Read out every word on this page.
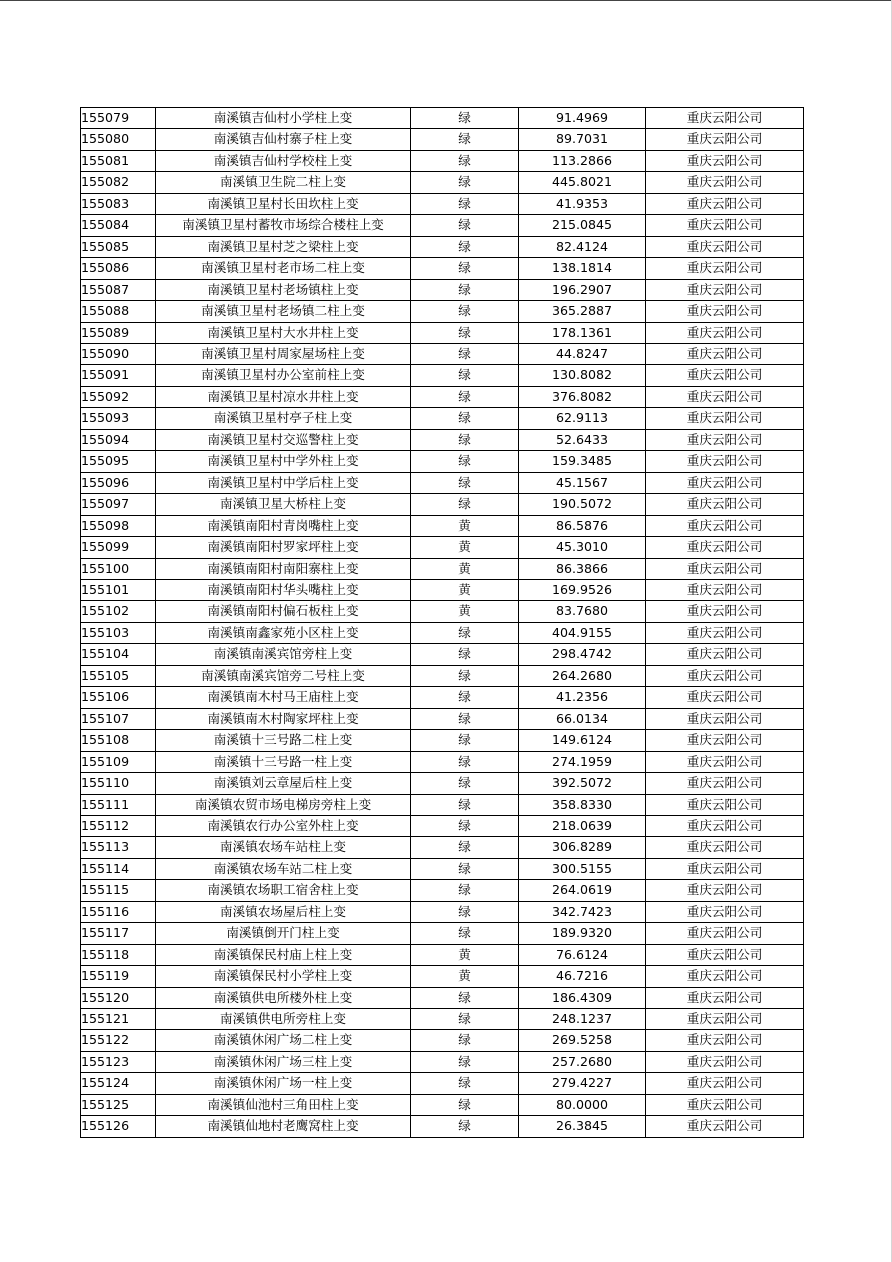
155079	南溪镇吉仙村小学柱上变	绿	91.4969	重庆云阳公司
155080	南溪镇吉仙村寨子柱上变	绿	89.7031	重庆云阳公司
155081	南溪镇吉仙村学校柱上变	绿	113.2866	重庆云阳公司
155082	南溪镇卫生院二柱上变	绿	445.8021	重庆云阳公司
155083	南溪镇卫星村长田坎柱上变	绿	41.9353	重庆云阳公司
155084	南溪镇卫星村蓄牧市场综合楼柱上变	绿	215.0845	重庆云阳公司
155085	南溪镇卫星村芝之梁柱上变	绿	82.4124	重庆云阳公司
155086	南溪镇卫星村老市场二柱上变	绿	138.1814	重庆云阳公司
155087	南溪镇卫星村老场镇柱上变	绿	196.2907	重庆云阳公司
155088	南溪镇卫星村老场镇二柱上变	绿	365.2887	重庆云阳公司
155089	南溪镇卫星村大水井柱上变	绿	178.1361	重庆云阳公司
155090	南溪镇卫星村周家屋场柱上变	绿	44.8247	重庆云阳公司
155091	南溪镇卫星村办公室前柱上变	绿	130.8082	重庆云阳公司
155092	南溪镇卫星村凉水井柱上变	绿	376.8082	重庆云阳公司
155093	南溪镇卫星村亭子柱上变	绿	62.9113	重庆云阳公司
155094	南溪镇卫星村交巡警柱上变	绿	52.6433	重庆云阳公司
155095	南溪镇卫星村中学外柱上变	绿	159.3485	重庆云阳公司
155096	南溪镇卫星村中学后柱上变	绿	45.1567	重庆云阳公司
155097	南溪镇卫星大桥柱上变	绿	190.5072	重庆云阳公司
155098	南溪镇南阳村青岗嘴柱上变	黄	86.5876	重庆云阳公司
155099	南溪镇南阳村罗家坪柱上变	黄	45.3010	重庆云阳公司
155100	南溪镇南阳村南阳寨柱上变	黄	86.3866	重庆云阳公司
155101	南溪镇南阳村华头嘴柱上变	黄	169.9526	重庆云阳公司
155102	南溪镇南阳村偏石板柱上变	黄	83.7680	重庆云阳公司
155103	南溪镇南鑫家苑小区柱上变	绿	404.9155	重庆云阳公司
155104	南溪镇南溪宾馆旁柱上变	绿	298.4742	重庆云阳公司
155105	南溪镇南溪宾馆旁二号柱上变	绿	264.2680	重庆云阳公司
155106	南溪镇南木村马王庙柱上变	绿	41.2356	重庆云阳公司
155107	南溪镇南木村陶家坪柱上变	绿	66.0134	重庆云阳公司
155108	南溪镇十三号路二柱上变	绿	149.6124	重庆云阳公司
155109	南溪镇十三号路一柱上变	绿	274.1959	重庆云阳公司
155110	南溪镇刘云章屋后柱上变	绿	392.5072	重庆云阳公司
155111	南溪镇农贸市场电梯房旁柱上变	绿	358.8330	重庆云阳公司
155112	南溪镇农行办公室外柱上变	绿	218.0639	重庆云阳公司
155113	南溪镇农场车站柱上变	绿	306.8289	重庆云阳公司
155114	南溪镇农场车站二柱上变	绿	300.5155	重庆云阳公司
155115	南溪镇农场职工宿舍柱上变	绿	264.0619	重庆云阳公司
155116	南溪镇农场屋后柱上变	绿	342.7423	重庆云阳公司
155117	南溪镇倒开门柱上变	绿	189.9320	重庆云阳公司
155118	南溪镇保民村庙上柱上变	黄	76.6124	重庆云阳公司
155119	南溪镇保民村小学柱上变	黄	46.7216	重庆云阳公司
155120	南溪镇供电所楼外柱上变	绿	186.4309	重庆云阳公司
155121	南溪镇供电所旁柱上变	绿	248.1237	重庆云阳公司
155122	南溪镇休闲广场二柱上变	绿	269.5258	重庆云阳公司
155123	南溪镇休闲广场三柱上变	绿	257.2680	重庆云阳公司
155124	南溪镇休闲广场一柱上变	绿	279.4227	重庆云阳公司
155125	南溪镇仙池村三角田柱上变	绿	80.0000	重庆云阳公司
155126	南溪镇仙地村老鹰窝柱上变	绿	26.3845	重庆云阳公司
